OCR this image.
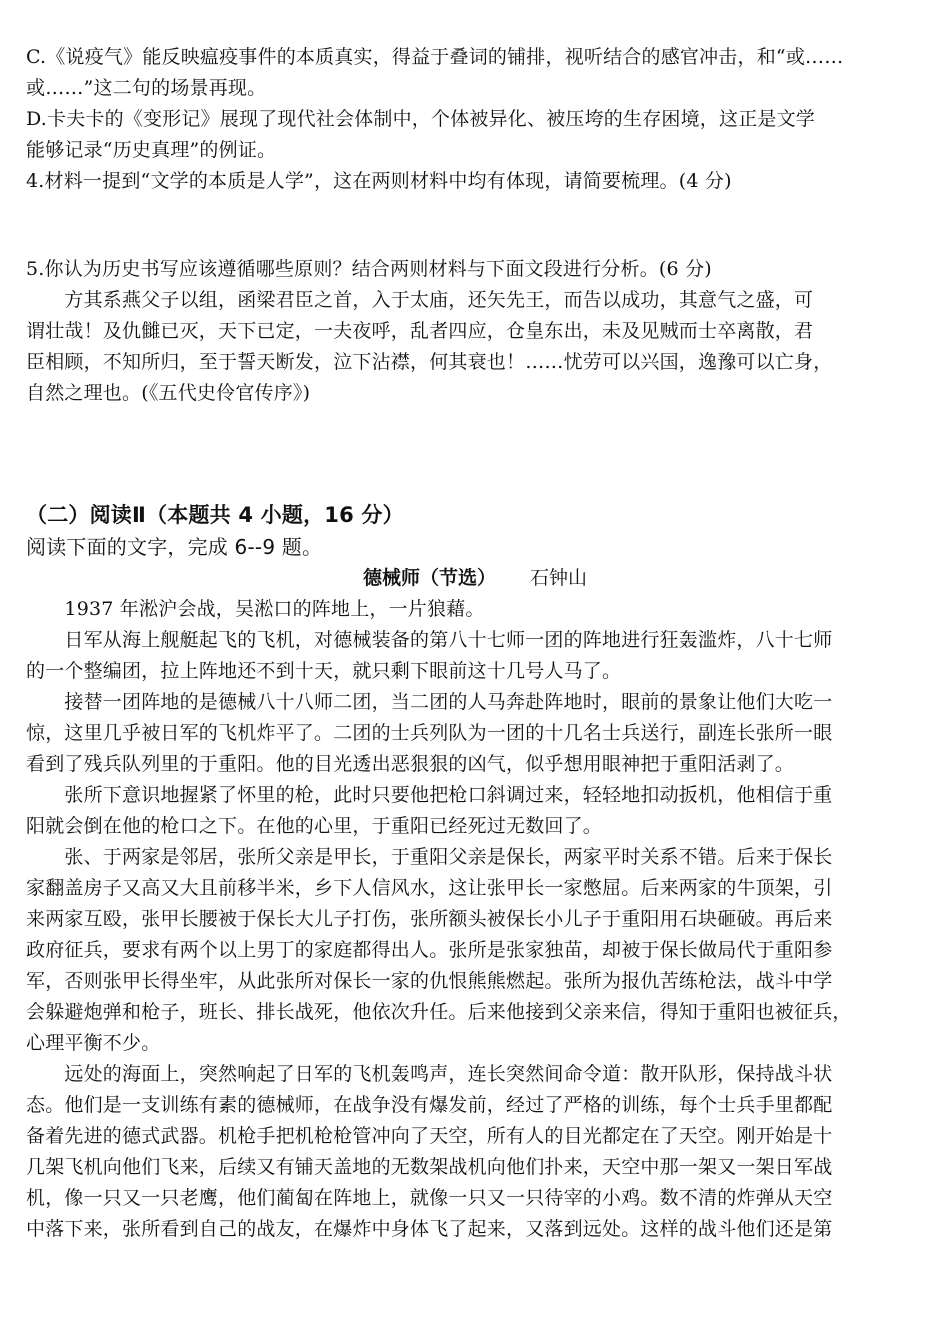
C.《说疫气》能反映瘟疫事件的本质真实，得益于叠词的铺排，视听结合的感官冲击，和“或……
或……”这二句的场景再现。
D.卡夫卡的《变形记》展现了现代社会体制中，个体被异化、被压垮的生存困境，这正是文学
能够记录“历史真理”的例证。
4.材料一提到“文学的本质是人学”，这在两则材料中均有体现，请简要梳理。(4 分)
5.你认为历史书写应该遵循哪些原则？结合两则材料与下面文段进行分析。(6 分)
　　方其系燕父子以组，函梁君臣之首，入于太庙，还矢先王，而告以成功，其意气之盛，可
谓壮哉！及仇雠已灭，天下已定，一夫夜呼，乱者四应，仓皇东出，未及见贼而士卒离散，君
臣相顾，不知所归，至于誓天断发，泣下沾襟，何其衰也！……忧劳可以兴国，逸豫可以亡身，
自然之理也。(《五代史伶官传序》)
（二）阅读Ⅱ（本题共 4 小题，16 分）
阅读下面的文字，完成 6--9 题。
德械师（节选） 石钟山
　　1937 年淞沪会战，吴淞口的阵地上，一片狼藉。
　　日军从海上舰艇起飞的飞机，对德械装备的第八十七师一团的阵地进行狂轰滥炸，八十七师
的一个整编团，拉上阵地还不到十天，就只剩下眼前这十几号人马了。
　　接替一团阵地的是德械八十八师二团，当二团的人马奔赴阵地时，眼前的景象让他们大吃一
惊，这里几乎被日军的飞机炸平了。二团的士兵列队为一团的十几名士兵送行，副连长张所一眼
看到了残兵队列里的于重阳。他的目光透出恶狠狠的凶气，似乎想用眼神把于重阳活剥了。
　　张所下意识地握紧了怀里的枪，此时只要他把枪口斜调过来，轻轻地扣动扳机，他相信于重
阳就会倒在他的枪口之下。在他的心里，于重阳已经死过无数回了。
　　张、于两家是邻居，张所父亲是甲长，于重阳父亲是保长，两家平时关系不错。后来于保长
家翻盖房子又高又大且前移半米，乡下人信风水，这让张甲长一家憋屈。后来两家的牛顶架，引
来两家互殴，张甲长腰被于保长大儿子打伤，张所额头被保长小儿子于重阳用石块砸破。再后来
政府征兵，要求有两个以上男丁的家庭都得出人。张所是张家独苗，却被于保长做局代于重阳参
军，否则张甲长得坐牢，从此张所对保长一家的仇恨熊熊燃起。张所为报仇苦练枪法，战斗中学
会躲避炮弹和枪子，班长、排长战死，他依次升任。后来他接到父亲来信，得知于重阳也被征兵，
心理平衡不少。
　　远处的海面上，突然响起了日军的飞机轰鸣声，连长突然间命令道：散开队形，保持战斗状
态。他们是一支训练有素的德械师，在战争没有爆发前，经过了严格的训练，每个士兵手里都配
备着先进的德式武器。机枪手把机枪枪管冲向了天空，所有人的目光都定在了天空。刚开始是十
几架飞机向他们飞来，后续又有铺天盖地的无数架战机向他们扑来，天空中那一架又一架日军战
机，像一只又一只老鹰，他们蔺匐在阵地上，就像一只又一只待宰的小鸡。数不清的炸弹从天空
中落下来，张所看到自己的战友，在爆炸中身体飞了起来，又落到远处。这样的战斗他们还是第
